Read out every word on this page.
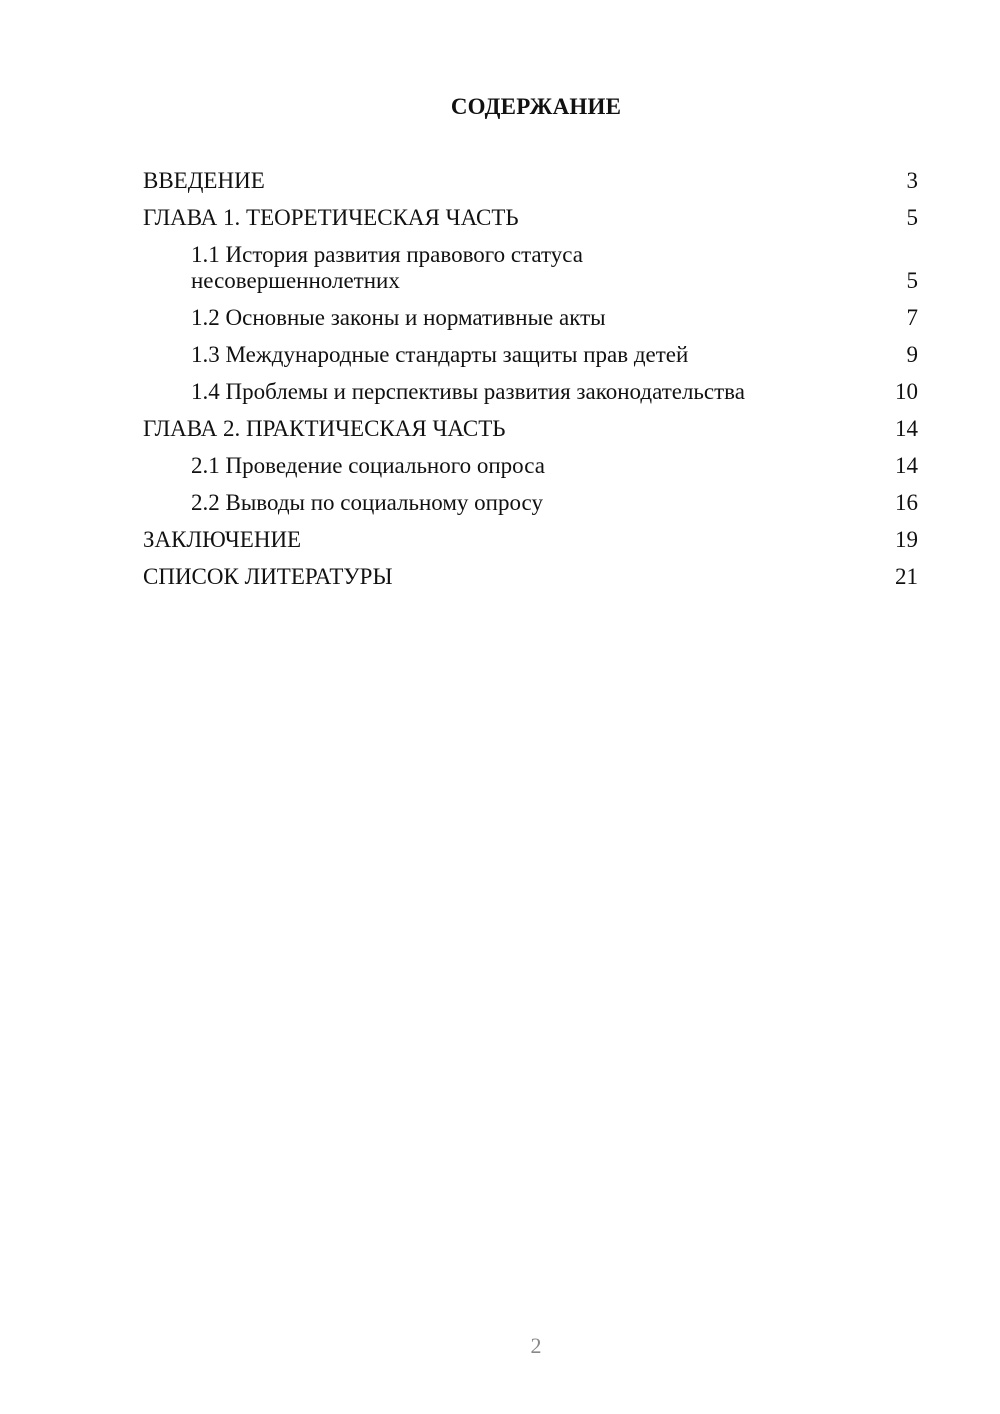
СОДЕРЖАНИЕ
ВВЕДЕНИЕ	3
ГЛАВА 1. ТЕОРЕТИЧЕСКАЯ ЧАСТЬ	5
1.1 История развития правового статуса несовершеннолетних	5
1.2 Основные законы и нормативные акты	7
1.3 Международные стандарты защиты прав детей	9
1.4 Проблемы и перспективы развития законодательства	10
ГЛАВА 2. ПРАКТИЧЕСКАЯ ЧАСТЬ	14
2.1 Проведение социального опроса	14
2.2 Выводы по социальному опросу	16
ЗАКЛЮЧЕНИЕ	19
СПИСОК ЛИТЕРАТУРЫ	21
2
